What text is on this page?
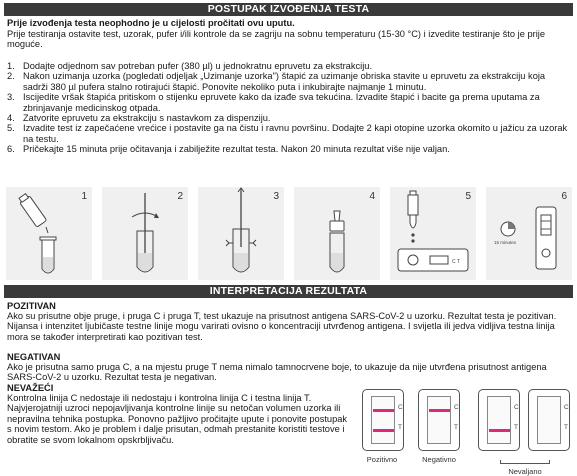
POSTUPAK IZVOĐENJA TESTA
Prije izvođenja testa neophodno je u cijelosti pročitati ovu uputu.
Prije testiranja ostavite test, uzorak, pufer i/ili kontrole da se zagriju na sobnu temperaturu (15-30 °C) i izvedite testiranje što je prije moguće.
1. Dodajte odjednom sav potreban pufer (380 µl) u jednokratnu epruvetu za ekstrakciju.
2. Nakon uzimanja uzorka (pogledati odjeljak „Uzimanje uzorka") štapić za uzimanje obriska stavite u epruvetu za ekstrakciju koja sadrži 380 µl pufera stalno rotirajući štapić. Ponovite nekoliko puta i inkubirajte najmanje 1 minutu.
3. Iscijedite vršak štapića pritiskom o stijenku epruvete kako da izađe sva tekućina. Izvadite štapić i bacite ga prema uputama za zbrinjavanje medicinskog otpada.
4. Zatvorite epruvetu za ekstrakciju s nastavkom za dispenziju.
5. Izvadite test iz zapečaćene vrećice i postavite ga na čistu i ravnu površinu. Dodajte 2 kapi otopine uzorka okomito u jažicu za uzorak na testu.
6. Pričekajte 15 minuta prije očitavanja i zabilježite rezultat testa. Nakon 20 minuta rezultat više nije valjan.
1	2	3	4	5
C T
6
15 minutes
INTERPRETACIJA REZULTATA
POZITIVAN
Ako su prisutne obje pruge, i pruga C i pruga T, test ukazuje na prisutnost antigena SARS-CoV-2 u uzorku. Rezultat testa je pozitivan. Nijansa i intenzitet ljubičaste testne linije mogu varirati ovisno o koncentraciji utvrđenog antigena. I svijetla ili jedva vidljiva testna linija mora se također interpretirati kao pozitivan test.
NEGATIVAN
Ako je prisutna samo pruga C, a na mjestu pruge T nema nimalo tamnocrvene boje, to ukazuje da nije utvrđena prisutnost antigena SARS-CoV-2 u uzorku. Rezultat testa je negativan.
NEVAŽEĆI
Kontrolna linija C nedostaje ili nedostaju i kontrolna linija C i testna linija T. Najvjerojatniji uzroci nepojavljivanja kontrolne linije su netočan volumen uzorka ili nepravilna tehnika postupka. Ponovno pažljivo pročitajte upute i ponovite postupak s novim testom. Ako je problem i dalje prisutan, odmah prestanite koristiti testove i obratite se svom lokalnom opskrbljivaču.
C
T
C
T
C
T
C
T
Pozitivno	Negativno
Nevaljano
